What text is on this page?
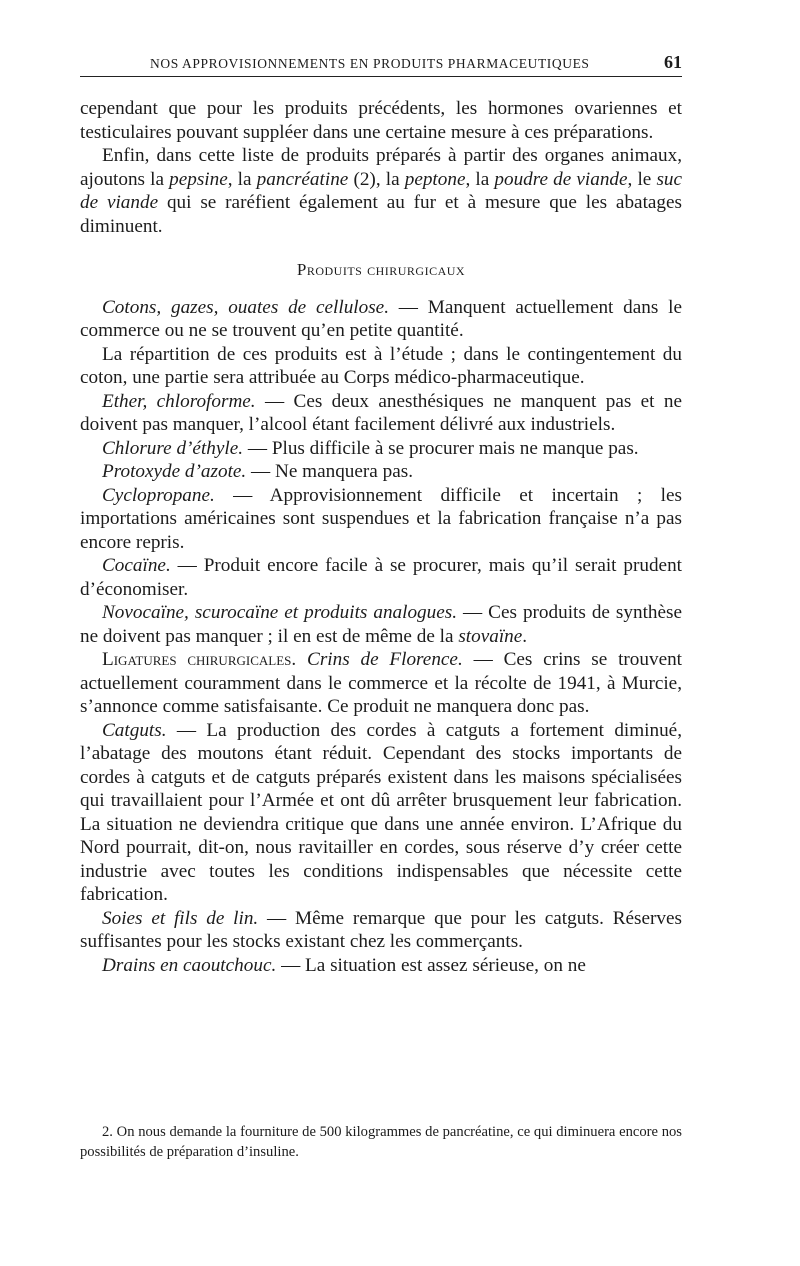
NOS APPROVISIONNEMENTS EN PRODUITS PHARMACEUTIQUES	61

cependant que pour les produits précédents, les hormones ovariennes et testiculaires pouvant suppléer dans une certaine mesure à ces préparations.

Enfin, dans cette liste de produits préparés à partir des organes animaux, ajoutons la pepsine, la pancréatine (2), la peptone, la poudre de viande, le suc de viande qui se raréfient également au fur et à mesure que les abatages diminuent.

Produits chirurgicaux

Cotons, gazes, ouates de cellulose. — Manquent actuellement dans le commerce ou ne se trouvent qu’en petite quantité.

La répartition de ces produits est à l’étude ; dans le contingentement du coton, une partie sera attribuée au Corps médico-pharmaceutique.

Ether, chloroforme. — Ces deux anesthésiques ne manquent pas et ne doivent pas manquer, l’alcool étant facilement délivré aux industriels.

Chlorure d’éthyle. — Plus difficile à se procurer mais ne manque pas.

Protoxyde d’azote. — Ne manquera pas.

Cyclopropane. — Approvisionnement difficile et incertain ; les importations américaines sont suspendues et la fabrication française n’a pas encore repris.

Cocaïne. — Produit encore facile à se procurer, mais qu’il serait prudent d’économiser.

Novocaïne, scurocaïne et produits analogues. — Ces produits de synthèse ne doivent pas manquer ; il en est de même de la stovaïne.

Ligatures chirurgicales. Crins de Florence. — Ces crins se trouvent actuellement couramment dans le commerce et la récolte de 1941, à Murcie, s’annonce comme satisfaisante. Ce produit ne manquera donc pas.

Catguts. — La production des cordes à catguts a fortement diminué, l’abatage des moutons étant réduit. Cependant des stocks importants de cordes à catguts et de catguts préparés existent dans les maisons spécialisées qui travaillaient pour l’Armée et ont dû arrêter brusquement leur fabrication. La situation ne deviendra critique que dans une année environ. L’Afrique du Nord pourrait, dit-on, nous ravitailler en cordes, sous réserve d’y créer cette industrie avec toutes les conditions indispensables que nécessite cette fabrication.

Soies et fils de lin. — Même remarque que pour les catguts. Réserves suffisantes pour les stocks existant chez les commerçants.

Drains en caoutchouc. — La situation est assez sérieuse, on ne

2. On nous demande la fourniture de 500 kilogrammes de pancréatine, ce qui diminuera encore nos possibilités de préparation d’insuline.
